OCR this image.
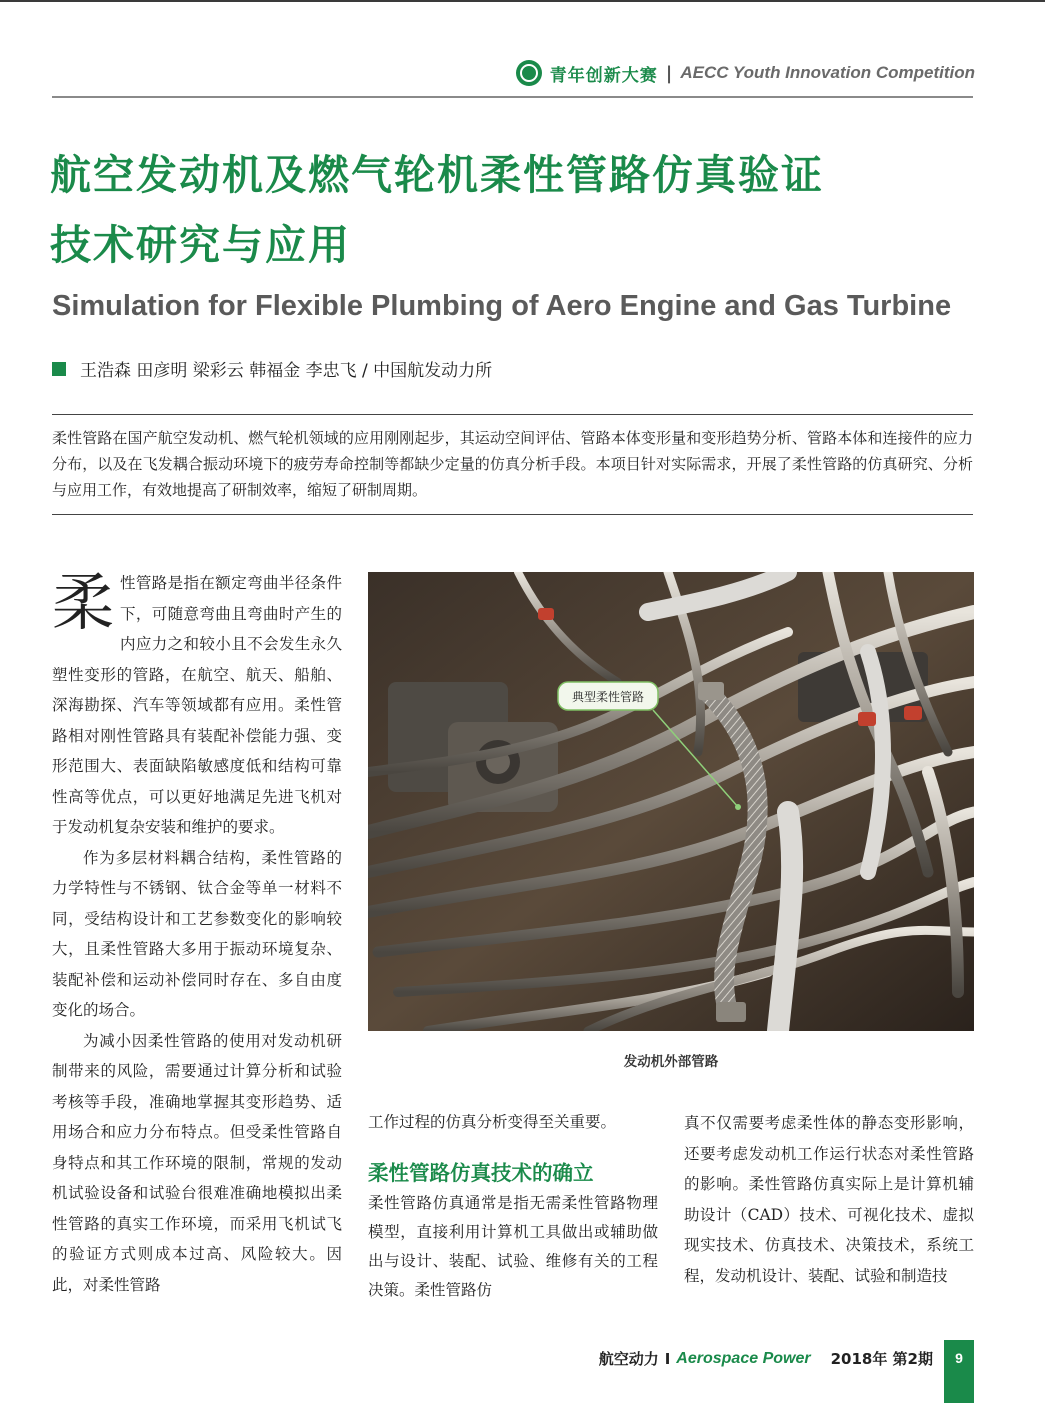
青年创新大赛 | AECC Youth Innovation Competition
航空发动机及燃气轮机柔性管路仿真验证
技术研究与应用
Simulation for Flexible Plumbing of Aero Engine and Gas Turbine
王浩森 田彦明 梁彩云 韩福金 李忠飞 / 中国航发动力所
柔性管路在国产航空发动机、燃气轮机领域的应用刚刚起步，其运动空间评估、管路本体变形量和变形趋势分析、管路本体和连接件的应力分布，以及在飞发耦合振动环境下的疲劳寿命控制等都缺少定量的仿真分析手段。本项目针对实际需求，开展了柔性管路的仿真研究、分析与应用工作，有效地提高了研制效率，缩短了研制周期。

柔性管路是指在额定弯曲半径条件下，可随意弯曲且弯曲时产生的内应力之和较小且不会发生永久塑性变形的管路，在航空、航天、船舶、深海勘探、汽车等领域都有应用。柔性管路相对刚性管路具有装配补偿能力强、变形范围大、表面缺陷敏感度低和结构可靠性高等优点，可以更好地满足先进飞机对于发动机复杂安装和维护的要求。

作为多层材料耦合结构，柔性管路的力学特性与不锈钢、钛合金等单一材料不同，受结构设计和工艺参数变化的影响较大，且柔性管路大多用于振动环境复杂、装配补偿和运动补偿同时存在、多自由度变化的场合。

为减小因柔性管路的使用对发动机研制带来的风险，需要通过计算分析和试验考核等手段，准确地掌握其变形趋势、适用场合和应力分布特点。但受柔性管路自身特点和其工作环境的限制，常规的发动机试验设备和试验台很难准确地模拟出柔性管路的真实工作环境，而采用飞机试飞的验证方式则成本过高、风险较大。因此，对柔性管路

典型柔性管路
发动机外部管路

工作过程的仿真分析变得至关重要。

柔性管路仿真技术的确立

柔性管路仿真通常是指无需柔性管路物理模型，直接利用计算机工具做出或辅助做出与设计、装配、试验、维修有关的工程决策。柔性管路仿

真不仅需要考虑柔性体的静态变形影响，还要考虑发动机工作运行状态对柔性管路的影响。柔性管路仿真实际上是计算机辅助设计（CAD）技术、可视化技术、虚拟现实技术、仿真技术、决策技术，系统工程，发动机设计、装配、试验和制造技

航空动力 I Aerospace Power 2018年 第2期	9
